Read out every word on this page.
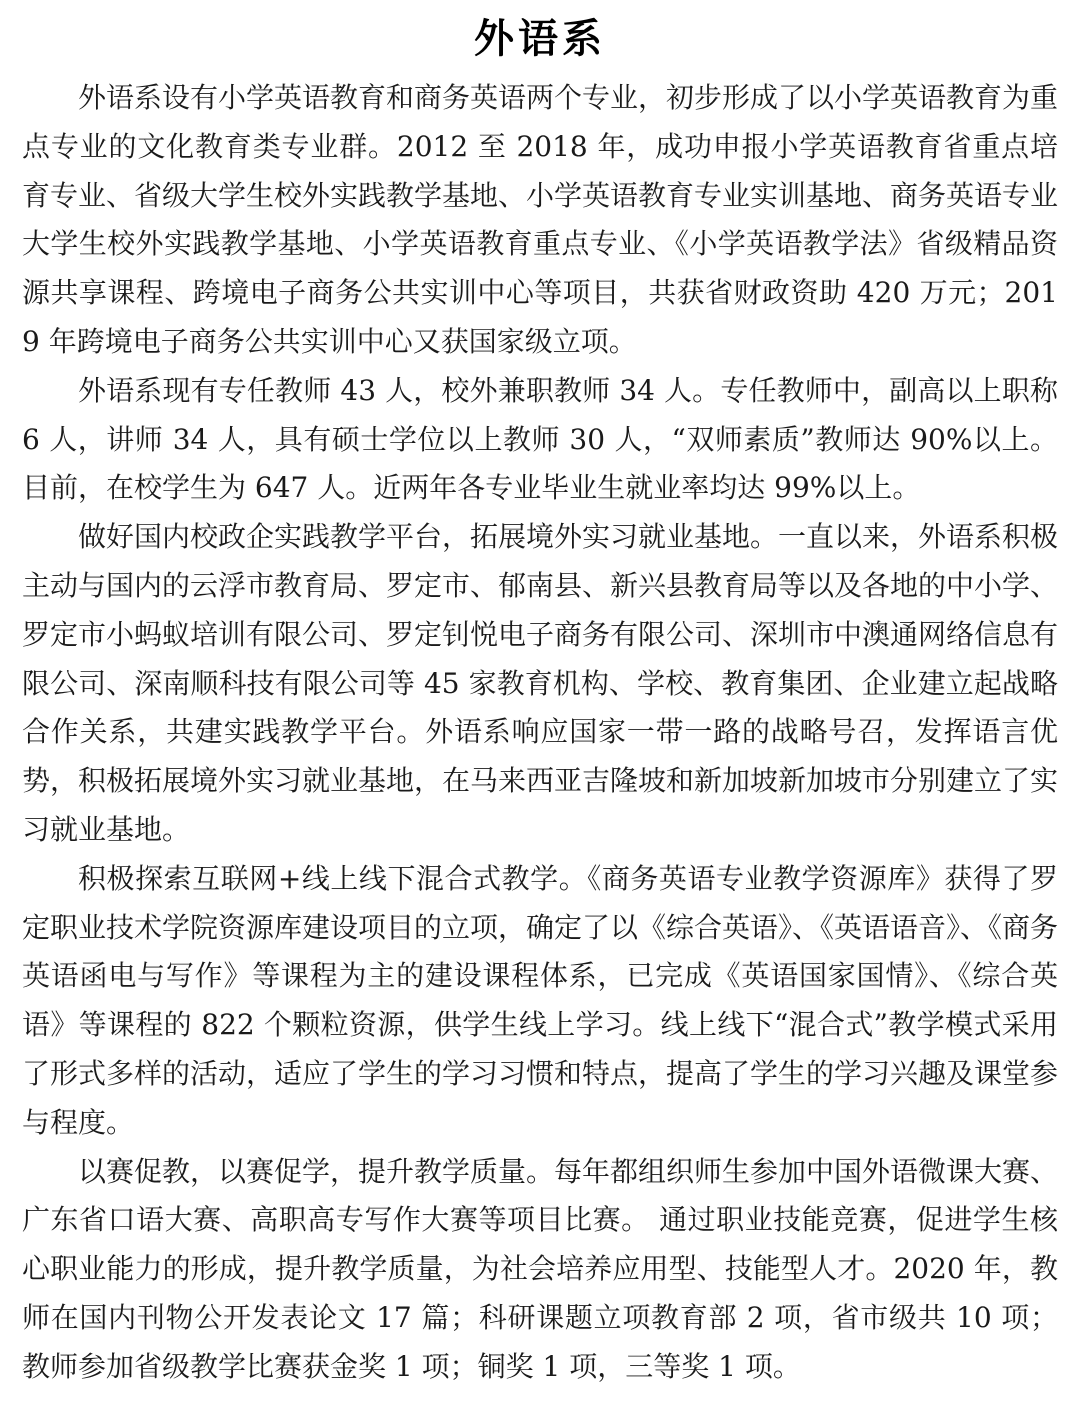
外语系

外语系设有小学英语教育和商务英语两个专业，初步形成了以小学英语教育为重点专业的文化教育类专业群。2012 至 2018 年，成功申报小学英语教育省重点培育专业、省级大学生校外实践教学基地、小学英语教育专业实训基地、商务英语专业大学生校外实践教学基地、小学英语教育重点专业、《小学英语教学法》省级精品资源共享课程、跨境电子商务公共实训中心等项目，共获省财政资助 420 万元；2019 年跨境电子商务公共实训中心又获国家级立项。

外语系现有专任教师 43 人，校外兼职教师 34 人。专任教师中，副高以上职称 6 人，讲师 34 人，具有硕士学位以上教师 30 人，“双师素质”教师达 90%以上。目前，在校学生为 647 人。近两年各专业毕业生就业率均达 99%以上。

做好国内校政企实践教学平台，拓展境外实习就业基地。一直以来，外语系积极主动与国内的云浮市教育局、罗定市、郁南县、新兴县教育局等以及各地的中小学、罗定市小蚂蚁培训有限公司、罗定钊悦电子商务有限公司、深圳市中澳通网络信息有限公司、深南顺科技有限公司等 45 家教育机构、学校、教育集团、企业建立起战略合作关系，共建实践教学平台。外语系响应国家一带一路的战略号召，发挥语言优势，积极拓展境外实习就业基地，在马来西亚吉隆坡和新加坡新加坡市分别建立了实习就业基地。

积极探索互联网+线上线下混合式教学。《商务英语专业教学资源库》获得了罗定职业技术学院资源库建设项目的立项，确定了以《综合英语》、《英语语音》、《商务英语函电与写作》等课程为主的建设课程体系，已完成《英语国家国情》、《综合英语》等课程的 822 个颗粒资源，供学生线上学习。线上线下“混合式”教学模式采用了形式多样的活动，适应了学生的学习习惯和特点，提高了学生的学习兴趣及课堂参与程度。

以赛促教，以赛促学，提升教学质量。每年都组织师生参加中国外语微课大赛、广东省口语大赛、高职高专写作大赛等项目比赛。 通过职业技能竞赛，促进学生核心职业能力的形成，提升教学质量，为社会培养应用型、技能型人才。2020 年，教师在国内刊物公开发表论文 17 篇；科研课题立项教育部 2 项，省市级共 10 项；教师参加省级教学比赛获金奖 1 项；铜奖 1 项，三等奖 1 项。
